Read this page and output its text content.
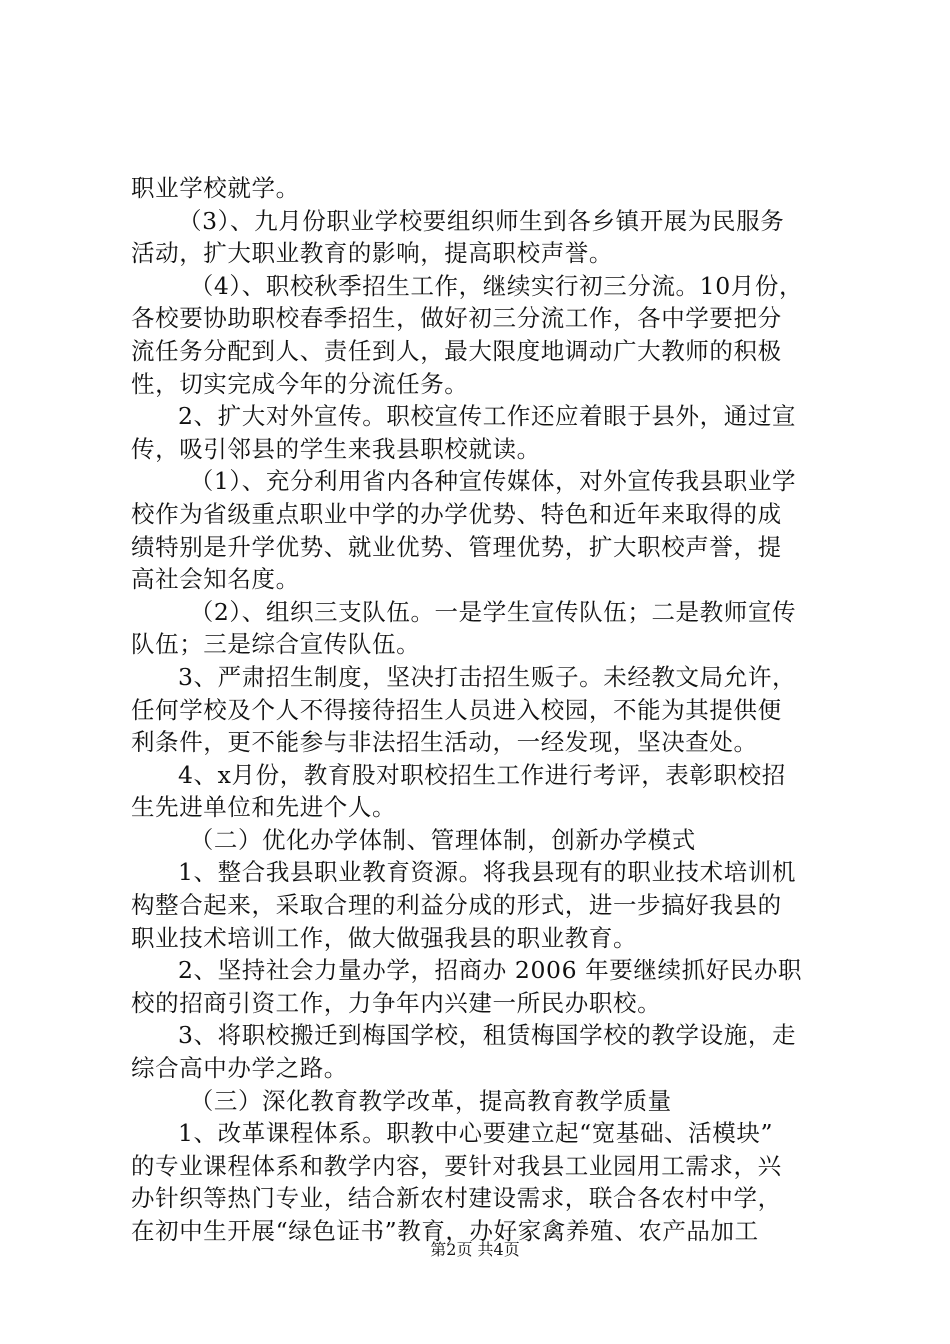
职业学校就学。
（3）、九月份职业学校要组织师生到各乡镇开展为民服务
活动，扩大职业教育的影响，提高职校声誉。
（4）、职校秋季招生工作，继续实行初三分流。10月份，
各校要协助职校春季招生，做好初三分流工作，各中学要把分
流任务分配到人、责任到人，最大限度地调动广大教师的积极
性，切实完成今年的分流任务。
2、扩大对外宣传。职校宣传工作还应着眼于县外，通过宣
传，吸引邻县的学生来我县职校就读。
（1）、充分利用省内各种宣传媒体，对外宣传我县职业学
校作为省级重点职业中学的办学优势、特色和近年来取得的成
绩特别是升学优势、就业优势、管理优势，扩大职校声誉，提
高社会知名度。
（2）、组织三支队伍。一是学生宣传队伍；二是教师宣传
队伍；三是综合宣传队伍。
3、严肃招生制度，坚决打击招生贩子。未经教文局允许，
任何学校及个人不得接待招生人员进入校园，不能为其提供便
利条件，更不能参与非法招生活动，一经发现，坚决查处。
4、x月份，教育股对职校招生工作进行考评，表彰职校招
生先进单位和先进个人。
（二）优化办学体制、管理体制，创新办学模式
1、整合我县职业教育资源。将我县现有的职业技术培训机
构整合起来，采取合理的利益分成的形式，进一步搞好我县的
职业技术培训工作，做大做强我县的职业教育。
2、坚持社会力量办学，招商办 2006 年要继续抓好民办职
校的招商引资工作，力争年内兴建一所民办职校。
3、将职校搬迁到梅国学校，租赁梅国学校的教学设施，走
综合高中办学之路。
（三）深化教育教学改革，提高教育教学质量
1、改革课程体系。职教中心要建立起“宽基础、活模块”
的专业课程体系和教学内容，要针对我县工业园用工需求，兴
办针织等热门专业，结合新农村建设需求，联合各农村中学，
在初中生开展“绿色证书”教育，办好家禽养殖、农产品加工
第2页 共4页
